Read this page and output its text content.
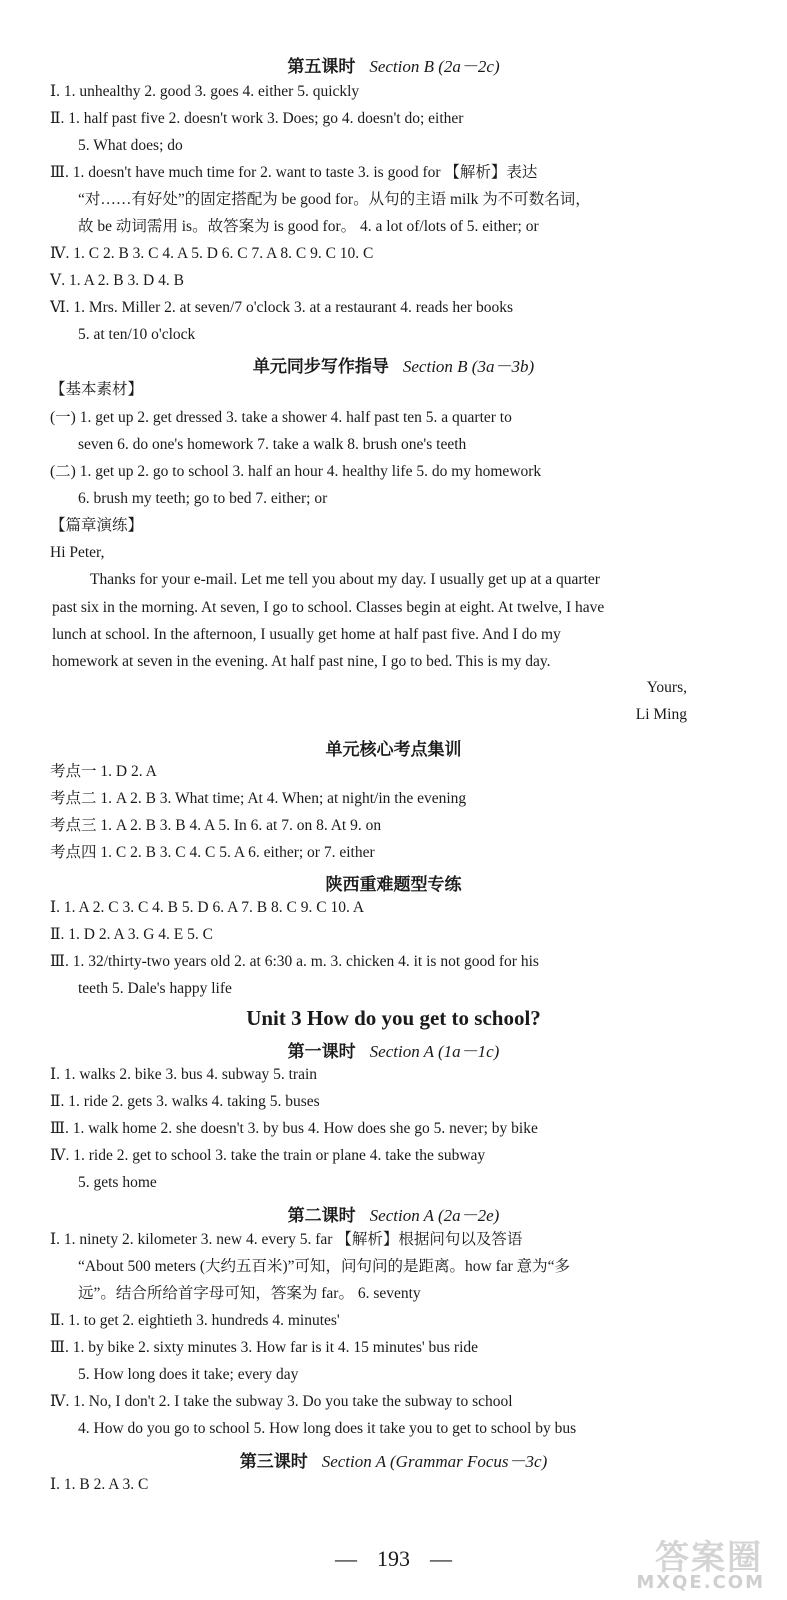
第五课时 Section B (2a－2c)
Ⅰ. 1. unhealthy 2. good 3. goes 4. either 5. quickly
Ⅱ. 1. half past five 2. doesn't work 3. Does; go 4. doesn't do; either
5. What does; do
Ⅲ. 1. doesn't have much time for 2. want to taste 3. is good for 【解析】表达
“对……有好处”的固定搭配为 be good for。从句的主语 milk 为不可数名词，
故 be 动词需用 is。故答案为 is good for。 4. a lot of/lots of 5. either; or
Ⅳ. 1. C 2. B 3. C 4. A 5. D 6. C 7. A 8. C 9. C 10. C
Ⅴ. 1. A 2. B 3. D 4. B
Ⅵ. 1. Mrs. Miller 2. at seven/7 o'clock 3. at a restaurant 4. reads her books
5. at ten/10 o'clock
单元同步写作指导 Section B (3a－3b)
【基本素材】
(一) 1. get up 2. get dressed 3. take a shower 4. half past ten 5. a quarter to
seven 6. do one's homework 7. take a walk 8. brush one's teeth
(二) 1. get up 2. go to school 3. half an hour 4. healthy life 5. do my homework
6. brush my teeth; go to bed 7. either; or
【篇章演练】
Hi Peter,
Thanks for your e-mail. Let me tell you about my day. I usually get up at a quarter
past six in the morning. At seven, I go to school. Classes begin at eight. At twelve, I have
lunch at school. In the afternoon, I usually get home at half past five. And I do my
homework at seven in the evening. At half past nine, I go to bed. This is my day.
Yours,
Li Ming
单元核心考点集训
考点一 1. D 2. A
考点二 1. A 2. B 3. What time; At 4. When; at night/in the evening
考点三 1. A 2. B 3. B 4. A 5. In 6. at 7. on 8. At 9. on
考点四 1. C 2. B 3. C 4. C 5. A 6. either; or 7. either
陕西重难题型专练
Ⅰ. 1. A 2. C 3. C 4. B 5. D 6. A 7. B 8. C 9. C 10. A
Ⅱ. 1. D 2. A 3. G 4. E 5. C
Ⅲ. 1. 32/thirty-two years old 2. at 6:30 a. m. 3. chicken 4. it is not good for his
teeth 5. Dale's happy life
Unit 3 How do you get to school?
第一课时 Section A (1a－1c)
Ⅰ. 1. walks 2. bike 3. bus 4. subway 5. train
Ⅱ. 1. ride 2. gets 3. walks 4. taking 5. buses
Ⅲ. 1. walk home 2. she doesn't 3. by bus 4. How does she go 5. never; by bike
Ⅳ. 1. ride 2. get to school 3. take the train or plane 4. take the subway
5. gets home
第二课时 Section A (2a－2e)
Ⅰ. 1. ninety 2. kilometer 3. new 4. every 5. far 【解析】根据问句以及答语
“About 500 meters (大约五百米)”可知，问句问的是距离。how far 意为“多
远”。结合所给首字母可知，答案为 far。 6. seventy
Ⅱ. 1. to get 2. eightieth 3. hundreds 4. minutes'
Ⅲ. 1. by bike 2. sixty minutes 3. How far is it 4. 15 minutes' bus ride
5. How long does it take; every day
Ⅳ. 1. No, I don't 2. I take the subway 3. Do you take the subway to school
4. How do you go to school 5. How long does it take you to get to school by bus
第三课时 Section A (Grammar Focus－3c)
Ⅰ. 1. B 2. A 3. C
— 193 —	答案圈
MXQE.COM
